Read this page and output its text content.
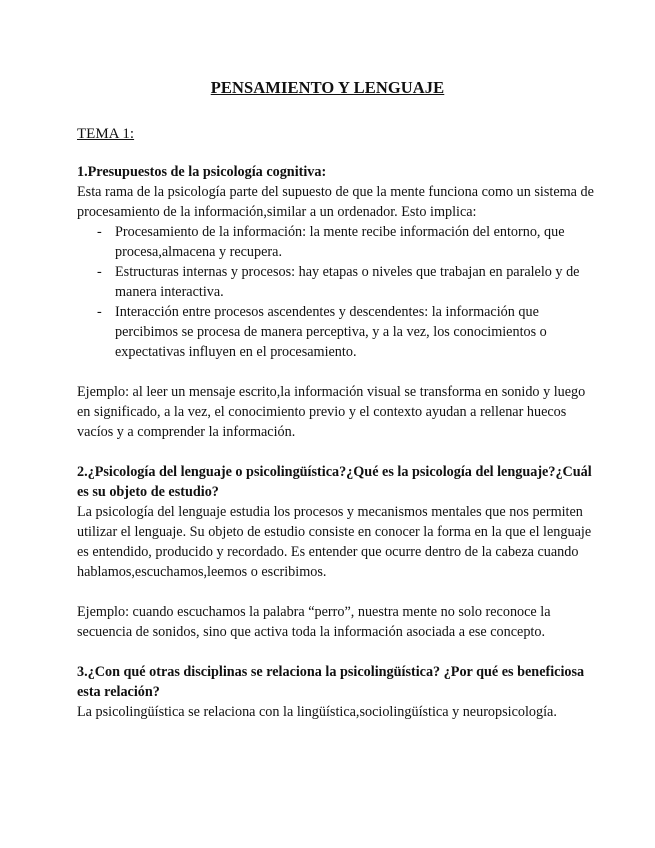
PENSAMIENTO Y LENGUAJE
TEMA 1:

1.Presupuestos de la psicología cognitiva:

Esta rama de la psicología parte del supuesto de que la mente funciona como un sistema de procesamiento de la información,similar a un ordenador. Esto implica:

- Procesamiento de la información: la mente recibe información del entorno, que procesa,almacena y recupera.
- Estructuras internas y procesos: hay etapas o niveles que trabajan en paralelo y de manera interactiva.
- Interacción entre procesos ascendentes y descendentes: la información que percibimos se procesa de manera perceptiva, y a la vez, los conocimientos o expectativas influyen en el procesamiento.

Ejemplo: al leer un mensaje escrito,la información visual se transforma en sonido y luego en significado, a la vez, el conocimiento previo y el contexto ayudan a rellenar huecos vacíos y a comprender la información.

2.¿Psicología del lenguaje o psicolingüística?¿Qué es la psicología del lenguaje?¿Cuál es su objeto de estudio?

La psicología del lenguaje estudia los procesos y mecanismos mentales que nos permiten utilizar el lenguaje. Su objeto de estudio consiste en conocer la forma en la que el lenguaje es entendido, producido y recordado. Es entender que ocurre dentro de la cabeza cuando hablamos,escuchamos,leemos o escribimos.

Ejemplo: cuando escuchamos la palabra “perro”, nuestra mente no solo reconoce la secuencia de sonidos, sino que activa toda la información asociada a ese concepto.

3.¿Con qué otras disciplinas se relaciona la psicolingüística? ¿Por qué es beneficiosa esta relación?

La psicolingüística se relaciona con la lingüística,sociolingüística y neuropsicología.
